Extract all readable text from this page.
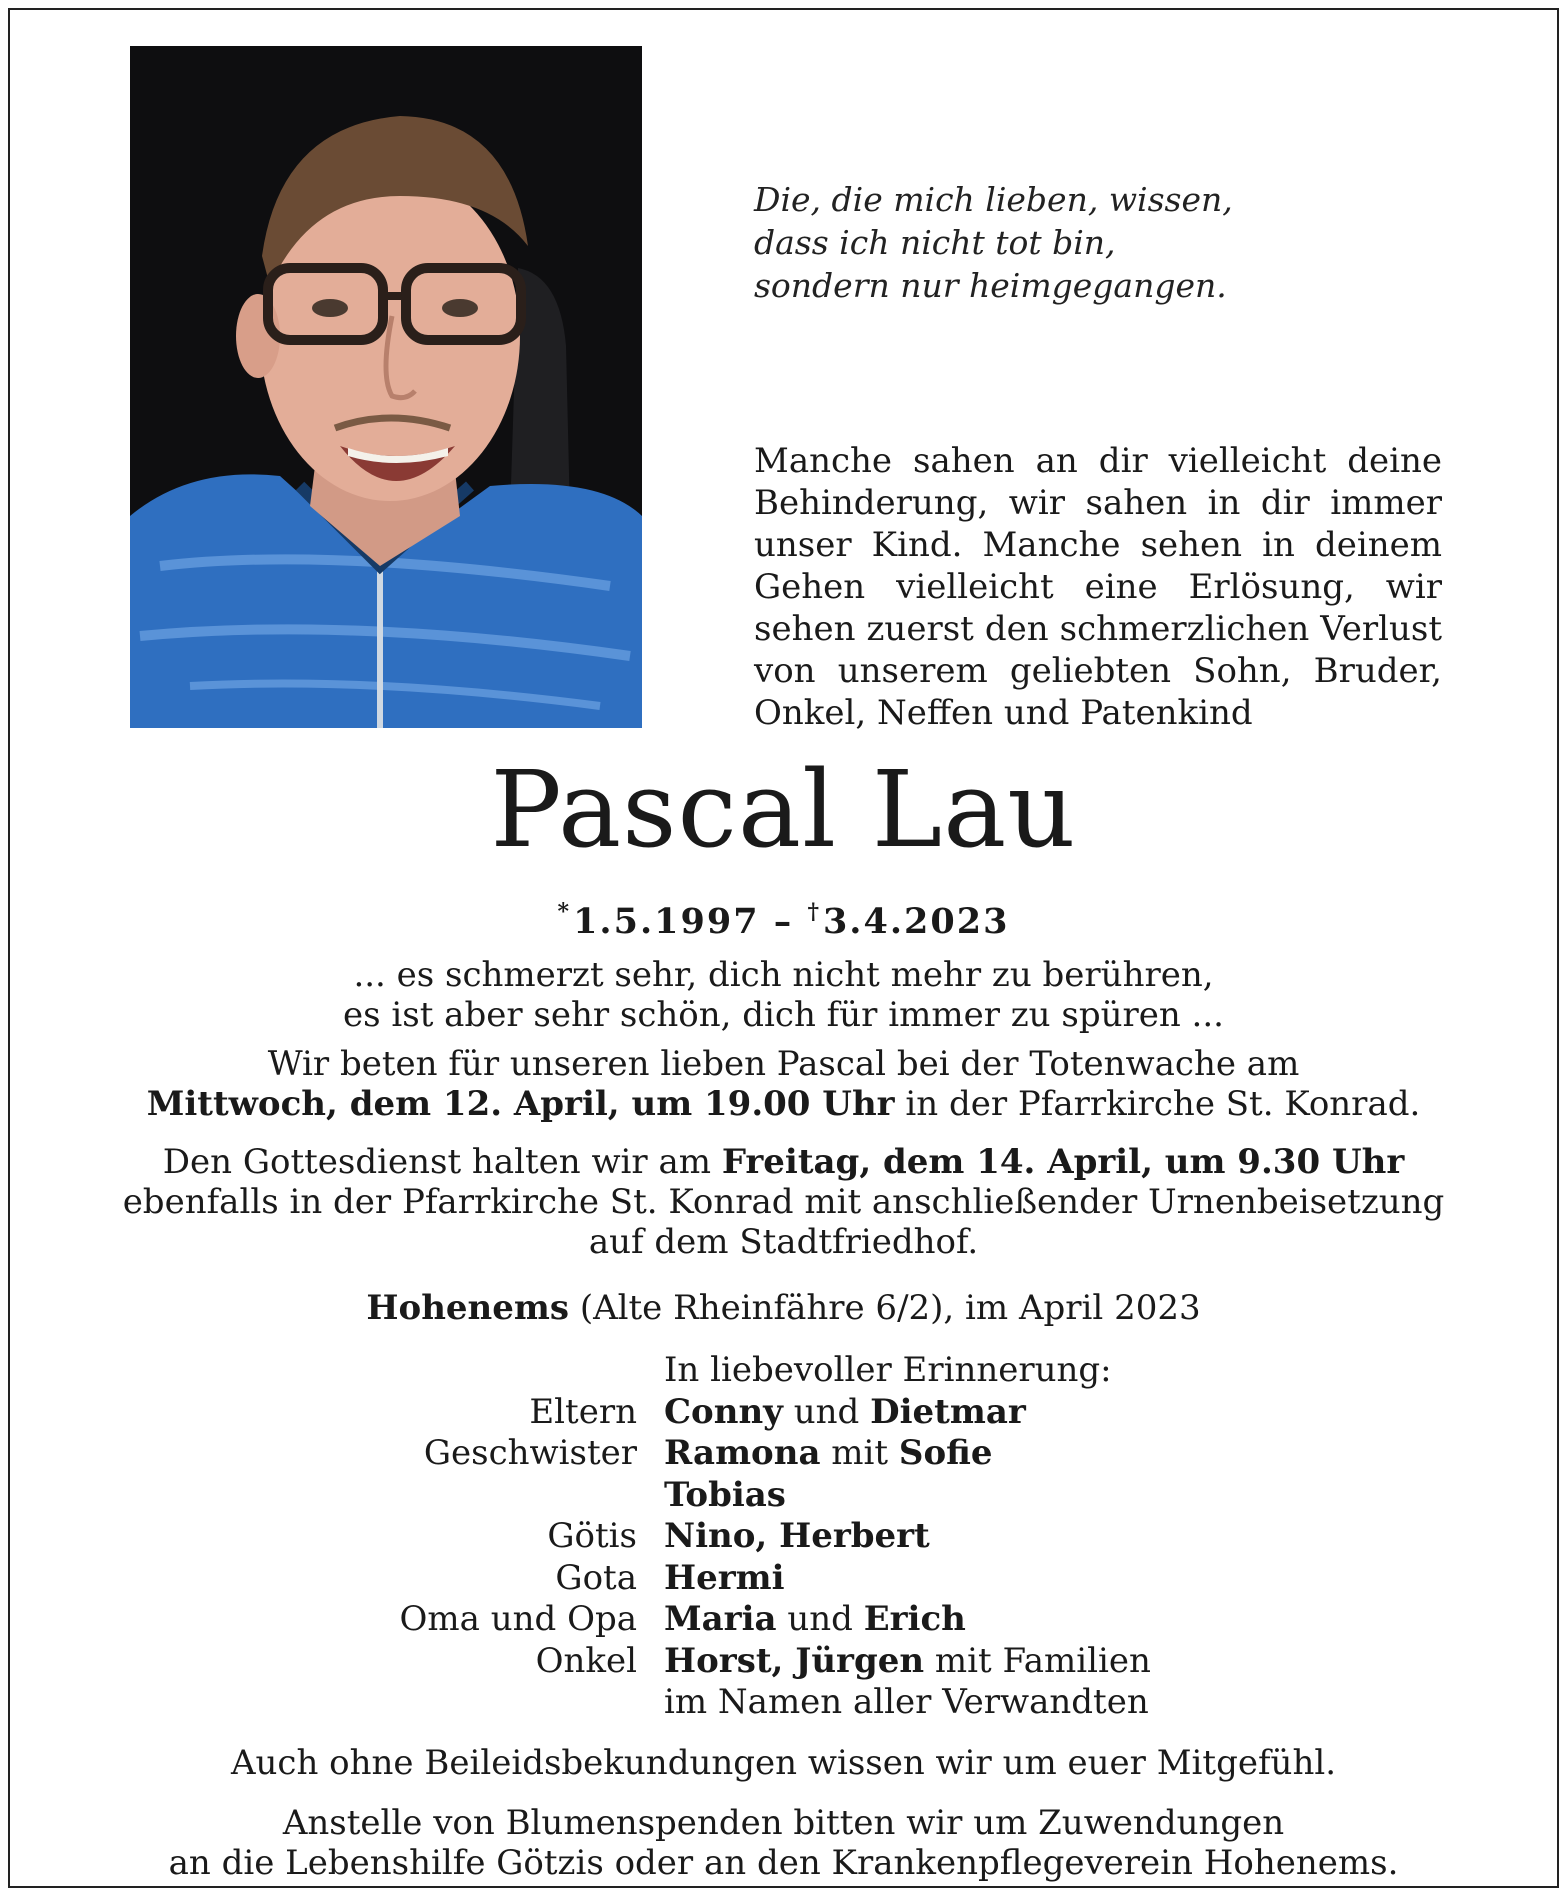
Die, die mich lieben, wissen,
dass ich nicht tot bin,
sondern nur heimgegangen.
Manche sahen an dir vielleicht deine
Behinderung, wir sahen in dir immer
unser Kind. Manche sehen in deinem
Gehen vielleicht eine Erlösung, wir
sehen zuerst den schmerzlichen Verlust
von unserem geliebten Sohn, Bruder,
Onkel, Neffen und Patenkind
Pascal Lau
*1.5.1997 – †3.4.2023
... es schmerzt sehr, dich nicht mehr zu berühren,
es ist aber sehr schön, dich für immer zu spüren ...
Wir beten für unseren lieben Pascal bei der Totenwache am
Mittwoch, dem 12. April, um 19.00 Uhr in der Pfarrkirche St. Konrad.
Den Gottesdienst halten wir am Freitag, dem 14. April, um 9.30 Uhr
ebenfalls in der Pfarrkirche St. Konrad mit anschließender Urnenbeisetzung
auf dem Stadtfriedhof.
Hohenems (Alte Rheinfähre 6/2), im April 2023
In liebevoller Erinnerung:
Eltern Conny und Dietmar
Geschwister Ramona mit Sofie
Tobias
Götis Nino, Herbert
Gota Hermi
Oma und Opa Maria und Erich
Onkel Horst, Jürgen mit Familien
im Namen aller Verwandten
Auch ohne Beileidsbekundungen wissen wir um euer Mitgefühl.
Anstelle von Blumenspenden bitten wir um Zuwendungen
an die Lebenshilfe Götzis oder an den Krankenpflegeverein Hohenems.
